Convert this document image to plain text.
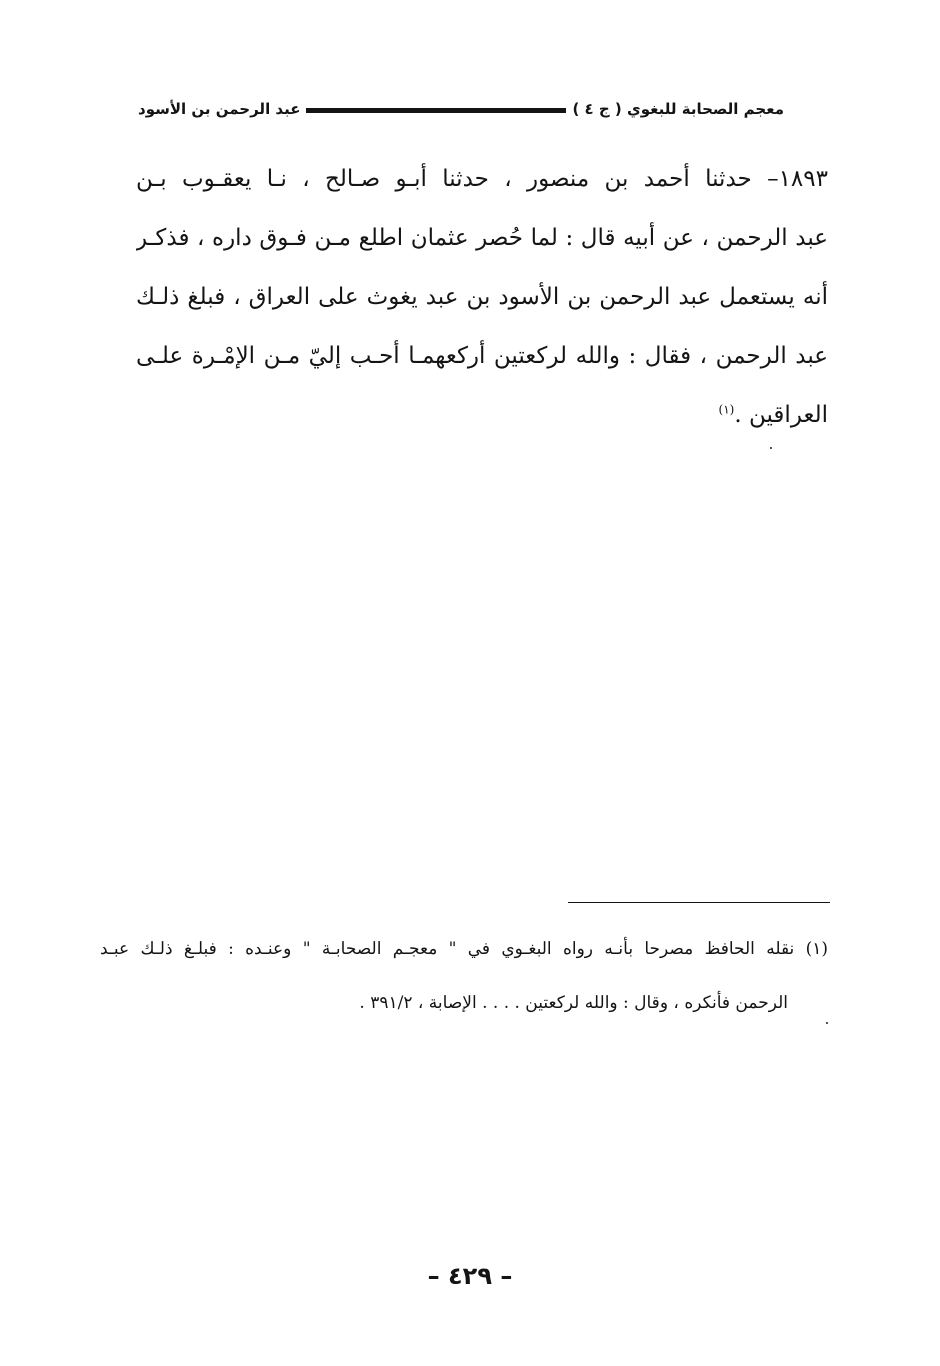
معجم الصحابة للبغوي ( ج ٤ )
عبد الرحمن بن الأسود
١٨٩٣– حدثنا أحمد بن منصور ، حدثنا أبـو صـالح ، نـا يعقـوب بـن
عبد الرحمن ، عن أبيه قال : لما حُصر عثمان اطلع مـن فـوق داره ، فذكـر
أنه يستعمل عبد الرحمن بن الأسود بن عبد يغوث على العراق ، فبلغ ذلـك
عبد الرحمن ، فقال : والله لركعتين أركعهمـا أحـب إليّ مـن الإمْـرة علـى
العراقين .$^{(١)}$
(١) نقله الحافظ مصرحا بأنـه رواه البغـوي في " معجـم الصحابـة " وعنـده : فبلـغ ذلـك عبـد
الرحمن فأنكره ، وقال : والله لركعتين . . . . الإصابة ، ٣٩١/٢ .
– ٤٢٩ –
